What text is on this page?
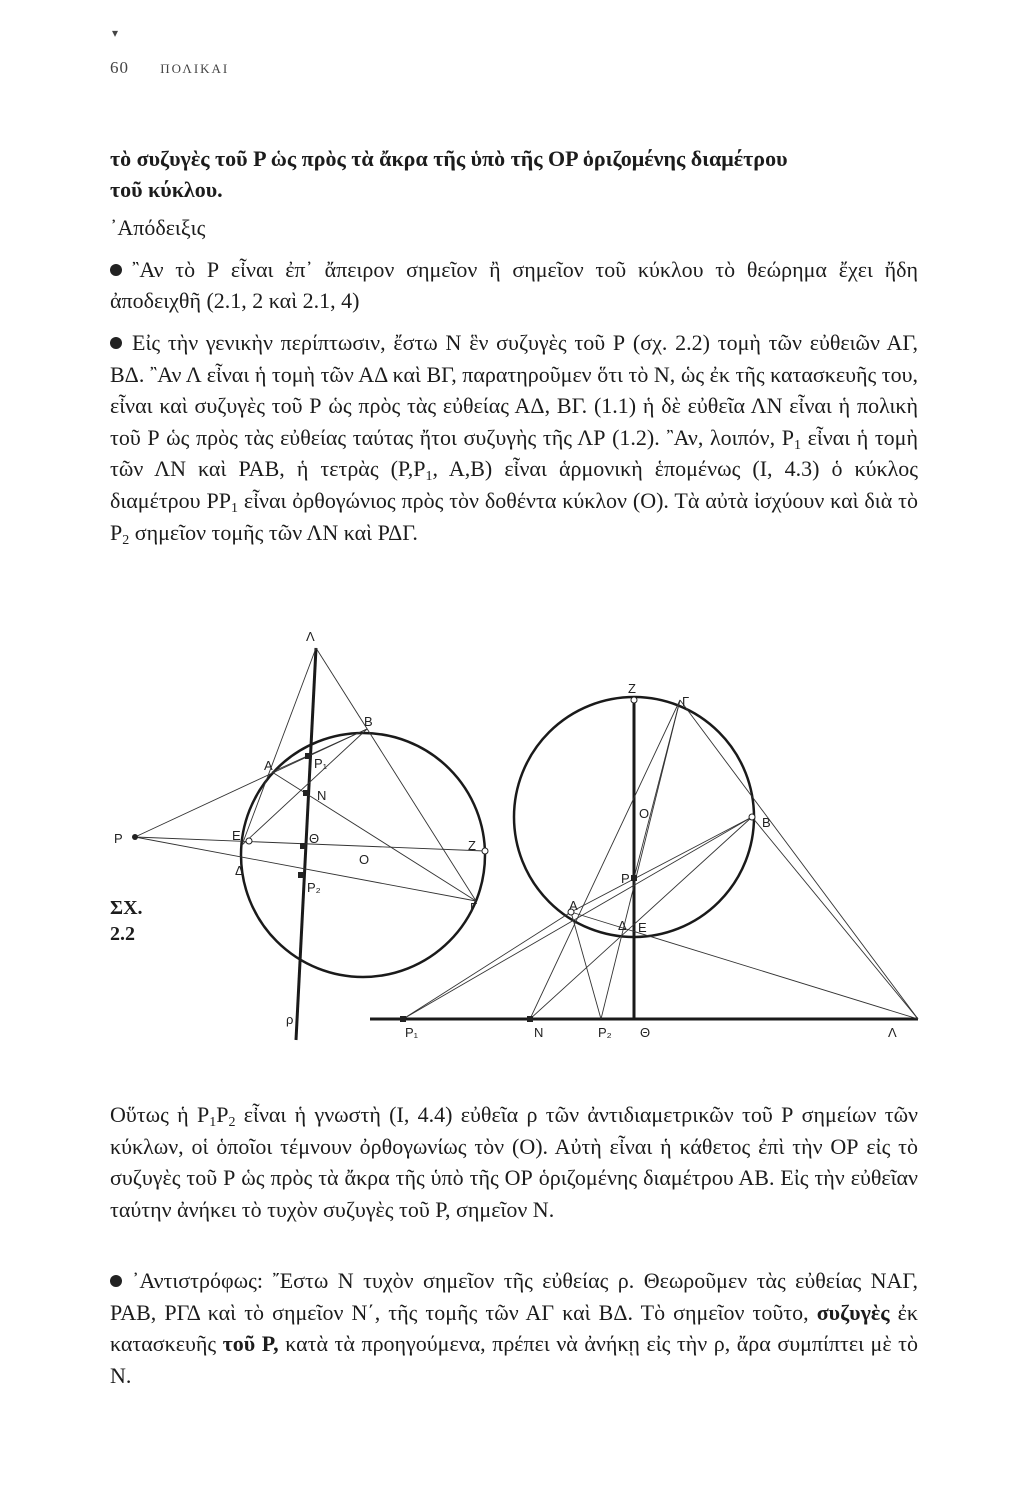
▾
60 ΠΟΛΙΚΑΙ

τὸ συζυγὲς τοῦ Ρ ὡς πρὸς τὰ ἄκρα τῆς ὑπὸ τῆς ΟΡ ὁριζομένης διαμέτρου

τοῦ κύκλου.

᾿Απόδειξις
῍Αν τὸ Ρ εἶναι ἐπ᾿ ἄπειρον σημεῖον ἢ σημεῖον τοῦ κύκλου τὸ θεώρημα ἔχει ἤδη ἀποδειχθῆ (2.1, 2 καὶ 2.1, 4)
Εἰς τὴν γενικὴν περίπτωσιν, ἔστω Ν ἓν συζυγὲς τοῦ Ρ (σχ. 2.2) τομὴ τῶν εὐθειῶν ΑΓ, ΒΔ. ῍Αν Λ εἶναι ἡ τομὴ τῶν ΑΔ καὶ ΒΓ, παρατηροῦμεν ὅτι τὸ Ν, ὡς ἐκ τῆς κατασκευῆς του, εἶναι καὶ συζυγὲς τοῦ Ρ ὡς πρὸς τὰς εὐθείας ΑΔ, ΒΓ. (1.1) ἡ δὲ εὐθεῖα ΛΝ εἶναι ἡ πολικὴ τοῦ Ρ ὡς πρὸς τὰς εὐθείας ταύτας ἤτοι συζυγὴς τῆς ΛΡ (1.2). ῍Αν, λοιπόν, $P_1$ εἶναι ἡ τομὴ τῶν ΛΝ καὶ ΡΑΒ, ἡ τετρὰς ($P,P_1$, Α,Β) εἶναι ἁρμονικὴ ἑπομένως (Ι, 4.3) ὁ κύκλος διαμέτρου $PP_1$ εἶναι ὀρθογώνιος πρὸς τὸν δοθέντα κύκλον (Ο). Τὰ αὐτὰ ἰσχύουν καὶ διὰ τὸ $P_2$ σημεῖον τομῆς τῶν ΛΝ καὶ ΡΔΓ.
ΣΧ.
2.2
Λ
Β
Α	Ρ₁
Ν
Ρ	Ε	Θ
Ο
Ζ
Δ
Ρ₂
Γ
ρ
Ζ
Γ
Ο
Β
Ρ
Α
Δ Ε
Ρ₁	Ν	Ρ₂ Θ	Λ
Οὕτως ἡ $P_1P_2$ εἶναι ἡ γνωστὴ (Ι, 4.4) εὐθεῖα ρ τῶν ἀντιδιαμετρικῶν τοῦ Ρ σημείων τῶν κύκλων, οἱ ὁποῖοι τέμνουν ὀρθογωνίως τὸν (Ο). Αὐτὴ εἶναι ἡ κάθετος ἐπὶ τὴν ΟΡ εἰς τὸ συζυγὲς τοῦ Ρ ὡς πρὸς τὰ ἄκρα τῆς ὑπὸ τῆς ΟΡ ὁριζομένης διαμέτρου ΑΒ. Εἰς τὴν εὐθεῖαν ταύτην ἀνήκει τὸ τυχὸν συζυγὲς τοῦ Ρ, σημεῖον Ν.
᾿Αντιστρόφως: ῎Εστω Ν τυχὸν σημεῖον τῆς εὐθείας ρ. Θεωροῦμεν τὰς εὐθείας ΝΑΓ, ΡΑΒ, ΡΓΔ καὶ τὸ σημεῖον Ν΄, τῆς τομῆς τῶν ΑΓ καὶ ΒΔ. Τὸ σημεῖον τοῦτο, συζυγὲς ἐκ κατασκευῆς τοῦ Ρ, κατὰ τὰ προηγούμενα, πρέπει νὰ ἀνήκῃ εἰς τὴν ρ, ἄρα συμπίπτει μὲ τὸ Ν.
